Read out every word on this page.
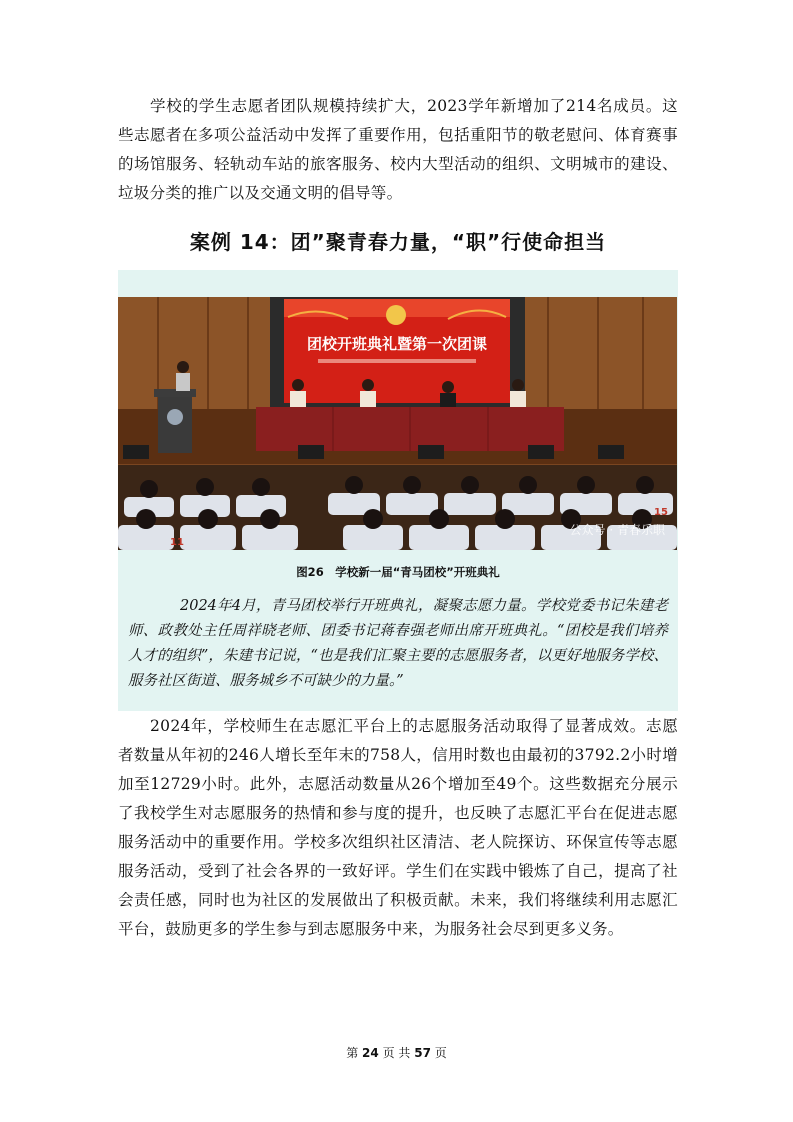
学校的学生志愿者团队规模持续扩大，2023学年新增加了214名成员。这些志愿者在多项公益活动中发挥了重要作用，包括重阳节的敬老慰问、体育赛事的场馆服务、轻轨动车站的旅客服务、校内大型活动的组织、文明城市的建设、垃圾分类的推广以及交通文明的倡导等。

案例 14：团”聚青春力量，“职”行使命担当
团校开班典礼暨第一次团课
11
15
公众号 · 青春乐职

图26　学校新一届“青马团校”开班典礼

2024年4月，青马团校举行开班典礼，凝聚志愿力量。学校党委书记朱建老师、政教处主任周祥晓老师、团委书记蒋春强老师出席开班典礼。“团校是我们培养人才的组织”，朱建书记说，“也是我们汇聚主要的志愿服务者，以更好地服务学校、服务社区街道、服务城乡不可缺少的力量。”

2024年，学校师生在志愿汇平台上的志愿服务活动取得了显著成效。志愿者数量从年初的246人增长至年末的758人，信用时数也由最初的3792.2小时增加至12729小时。此外，志愿活动数量从26个增加至49个。这些数据充分展示了我校学生对志愿服务的热情和参与度的提升，也反映了志愿汇平台在促进志愿服务活动中的重要作用。学校多次组织社区清洁、老人院探访、环保宣传等志愿服务活动，受到了社会各界的一致好评。学生们在实践中锻炼了自己，提高了社会责任感，同时也为社区的发展做出了积极贡献。未来，我们将继续利用志愿汇平台，鼓励更多的学生参与到志愿服务中来，为服务社会尽到更多义务。

第 24 页 共 57 页
